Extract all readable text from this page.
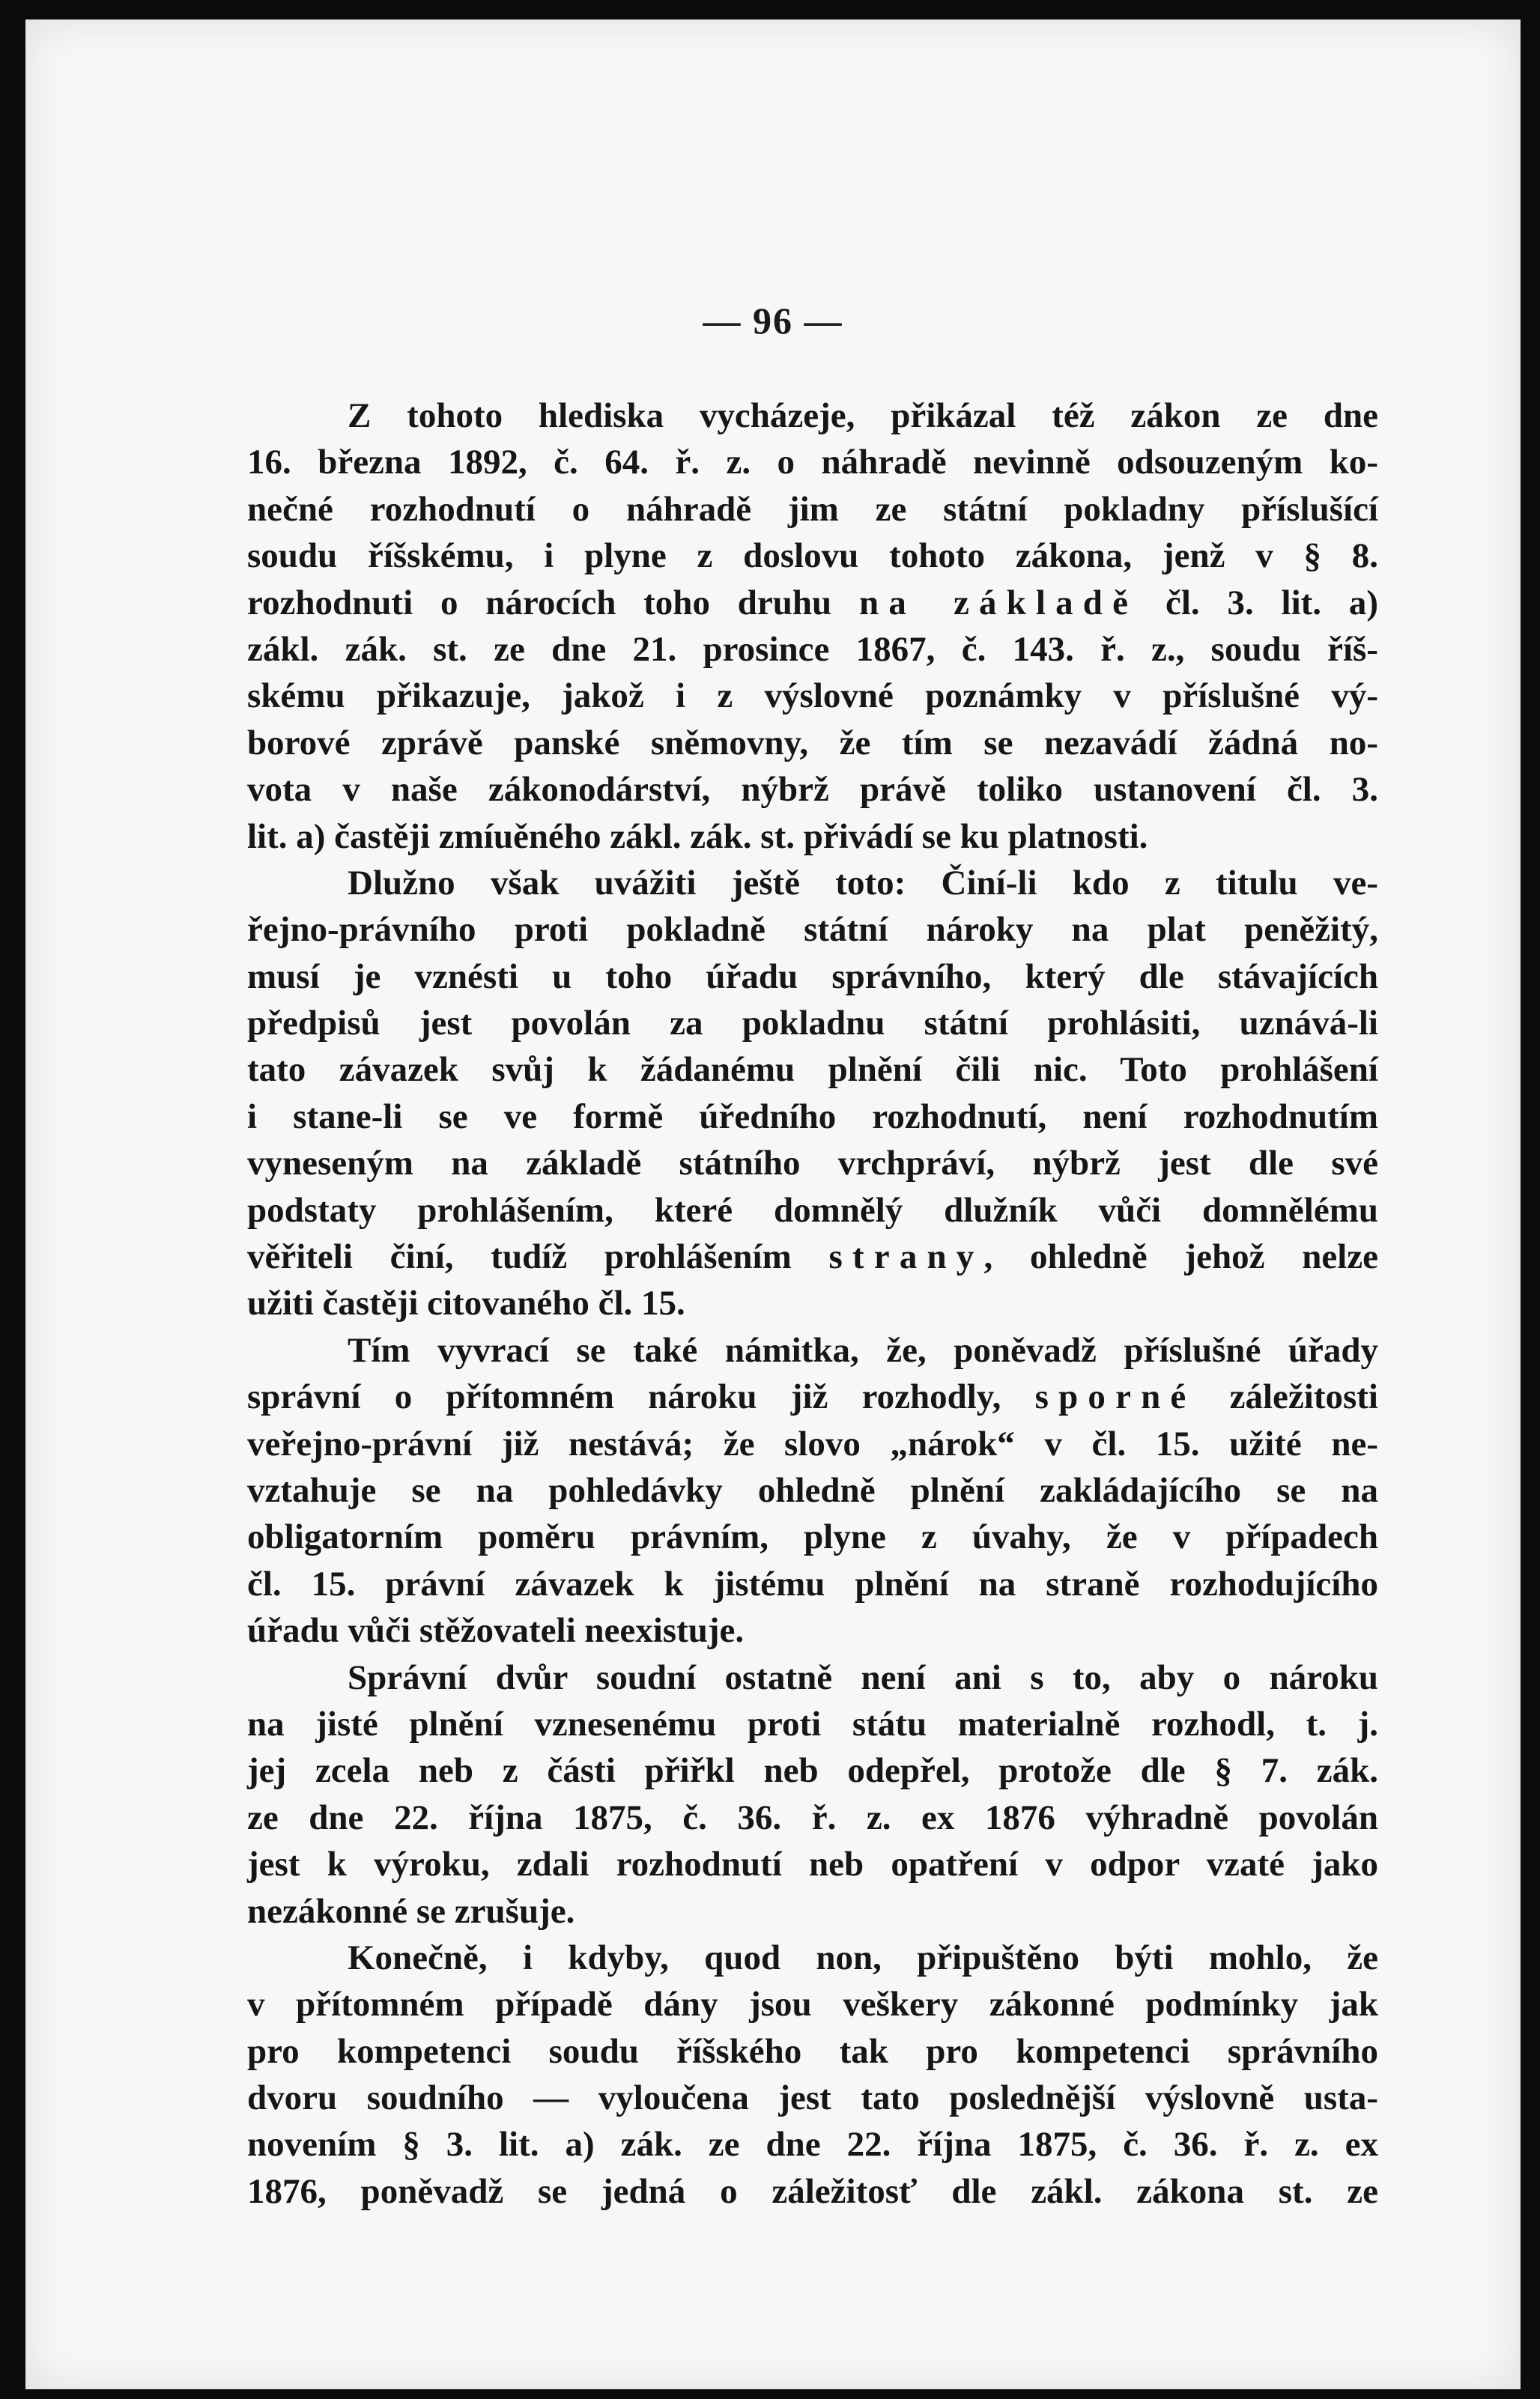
— 96 —
Z tohoto hlediska vycházeje, přikázal též zákon ze dne
16. března 1892, č. 64. ř. z. o náhradě nevinně odsouzeným ko-
nečné rozhodnutí o náhradě jim ze státní pokladny příslušící
soudu říšskému, i plyne z doslovu tohoto zákona, jenž v § 8.
rozhodnuti o nárocích toho druhu na základě čl. 3. lit. a)
zákl. zák. st. ze dne 21. prosince 1867, č. 143. ř. z., soudu říš-
skému přikazuje, jakož i z výslovné poznámky v příslušné vý-
borové zprávě panské sněmovny, že tím se nezavádí žádná no-
vota v naše zákonodárství, nýbrž právě toliko ustanovení čl. 3.
lit. a) častěji zmíuěného zákl. zák. st. přivádí se ku platnosti.
Dlužno však uvážiti ještě toto: Činí-li kdo z titulu ve-
řejno-právního proti pokladně státní nároky na plat peněžitý,
musí je vznésti u toho úřadu správního, který dle stávajících
předpisů jest povolán za pokladnu státní prohlásiti, uznává-li
tato závazek svůj k žádanému plnění čili nic. Toto prohlášení
i stane-li se ve formě úředního rozhodnutí, není rozhodnutím
vyneseným na základě státního vrchpráví, nýbrž jest dle své
podstaty prohlášením, které domnělý dlužník vůči domnělému
věřiteli činí, tudíž prohlášením strany, ohledně jehož nelze
užiti častěji citovaného čl. 15.
Tím vyvrací se také námitka, že, poněvadž příslušné úřady
správní o přítomném nároku již rozhodly, sporné záležitosti
veřejno-právní již nestává; že slovo „nárok“ v čl. 15. užité ne-
vztahuje se na pohledávky ohledně plnění zakládajícího se na
obligatorním poměru právním, plyne z úvahy, že v případech
čl. 15. právní závazek k jistému plnění na straně rozhodujícího
úřadu vůči stěžovateli neexistuje.
Správní dvůr soudní ostatně není ani s to, aby o nároku
na jisté plnění vznesenému proti státu materialně rozhodl, t. j.
jej zcela neb z části přiřkl neb odepřel, protože dle § 7. zák.
ze dne 22. října 1875, č. 36. ř. z. ex 1876 výhradně povolán
jest k výroku, zdali rozhodnutí neb opatření v odpor vzaté jako
nezákonné se zrušuje.
Konečně, i kdyby, quod non, připuštěno býti mohlo, že
v přítomném případě dány jsou veškery zákonné podmínky jak
pro kompetenci soudu říšského tak pro kompetenci správního
dvoru soudního — vyloučena jest tato poslednější výslovně usta-
novením § 3. lit. a) zák. ze dne 22. října 1875, č. 36. ř. z. ex
1876, poněvadž se jedná o záležitosť dle zákl. zákona st. ze
